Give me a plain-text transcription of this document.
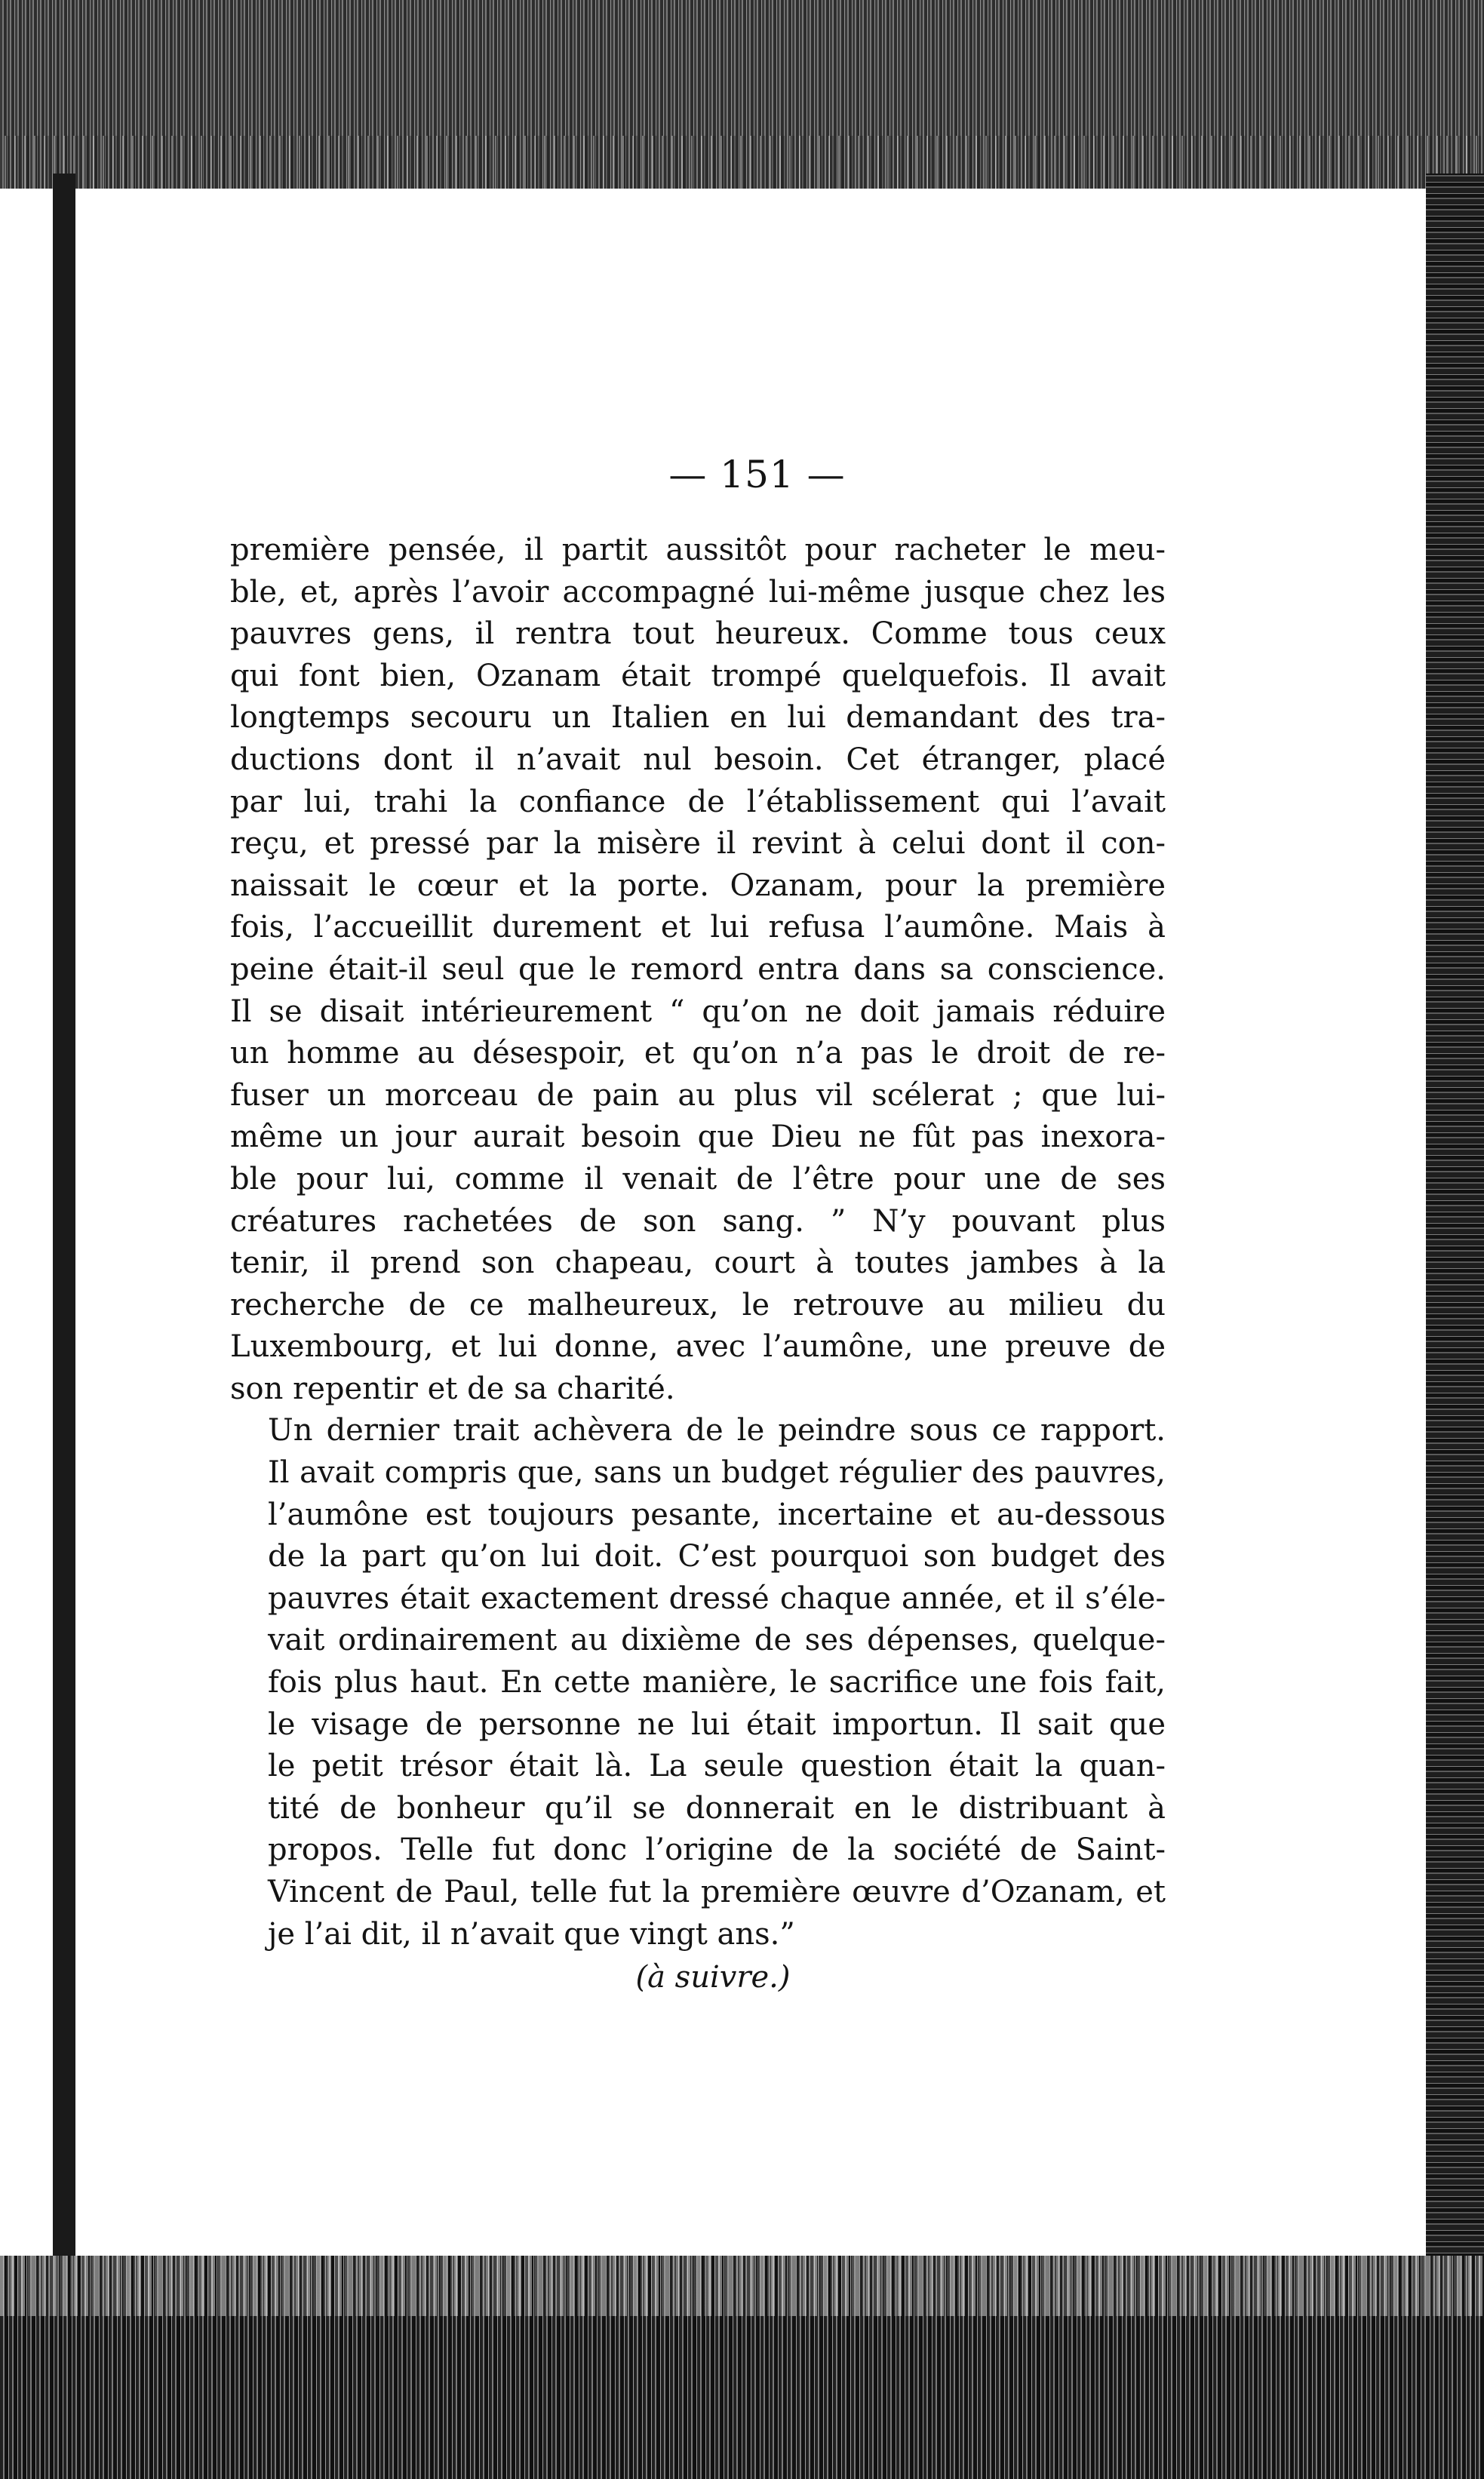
— 151 —

première pensée, il partit aussitôt pour racheter le meu-
ble, et, après l’avoir accompagné lui-même jusque chez les
pauvres gens, il rentra tout heureux. Comme tous ceux
qui font bien, Ozanam était trompé quelquefois. Il avait
longtemps secouru un Italien en lui demandant des tra-
ductions dont il n’avait nul besoin. Cet étranger, placé
par lui, trahi la confiance de l’établissement qui l’avait
reçu, et pressé par la misère il revint à celui dont il con-
naissait le cœur et la porte. Ozanam, pour la première
fois, l’accueillit durement et lui refusa l’aumône. Mais à
peine était-il seul que le remord entra dans sa conscience.
Il se disait intérieurement “ qu’on ne doit jamais réduire
un homme au désespoir, et qu’on n’a pas le droit de re-
fuser un morceau de pain au plus vil scélerat ; que lui-
même un jour aurait besoin que Dieu ne fût pas inexora-
ble pour lui, comme il venait de l’être pour une de ses
créatures rachetées de son sang. ” N’y pouvant plus
tenir, il prend son chapeau, court à toutes jambes à la
recherche de ce malheureux, le retrouve au milieu du
Luxembourg, et lui donne, avec l’aumône, une preuve de
son repentir et de sa charité.

Un dernier trait achèvera de le peindre sous ce rapport.
Il avait compris que, sans un budget régulier des pauvres,
l’aumône est toujours pesante, incertaine et au-dessous
de la part qu’on lui doit. C’est pourquoi son budget des
pauvres était exactement dressé chaque année, et il s’éle-
vait ordinairement au dixième de ses dépenses, quelque-
fois plus haut. En cette manière, le sacrifice une fois fait,
le visage de personne ne lui était importun. Il sait que
le petit trésor était là. La seule question était la quan-
tité de bonheur qu’il se donnerait en le distribuant à
propos. Telle fut donc l’origine de la société de Saint-
Vincent de Paul, telle fut la première œuvre d’Ozanam, et
je l’ai dit, il n’avait que vingt ans.”

(à suivre.)
